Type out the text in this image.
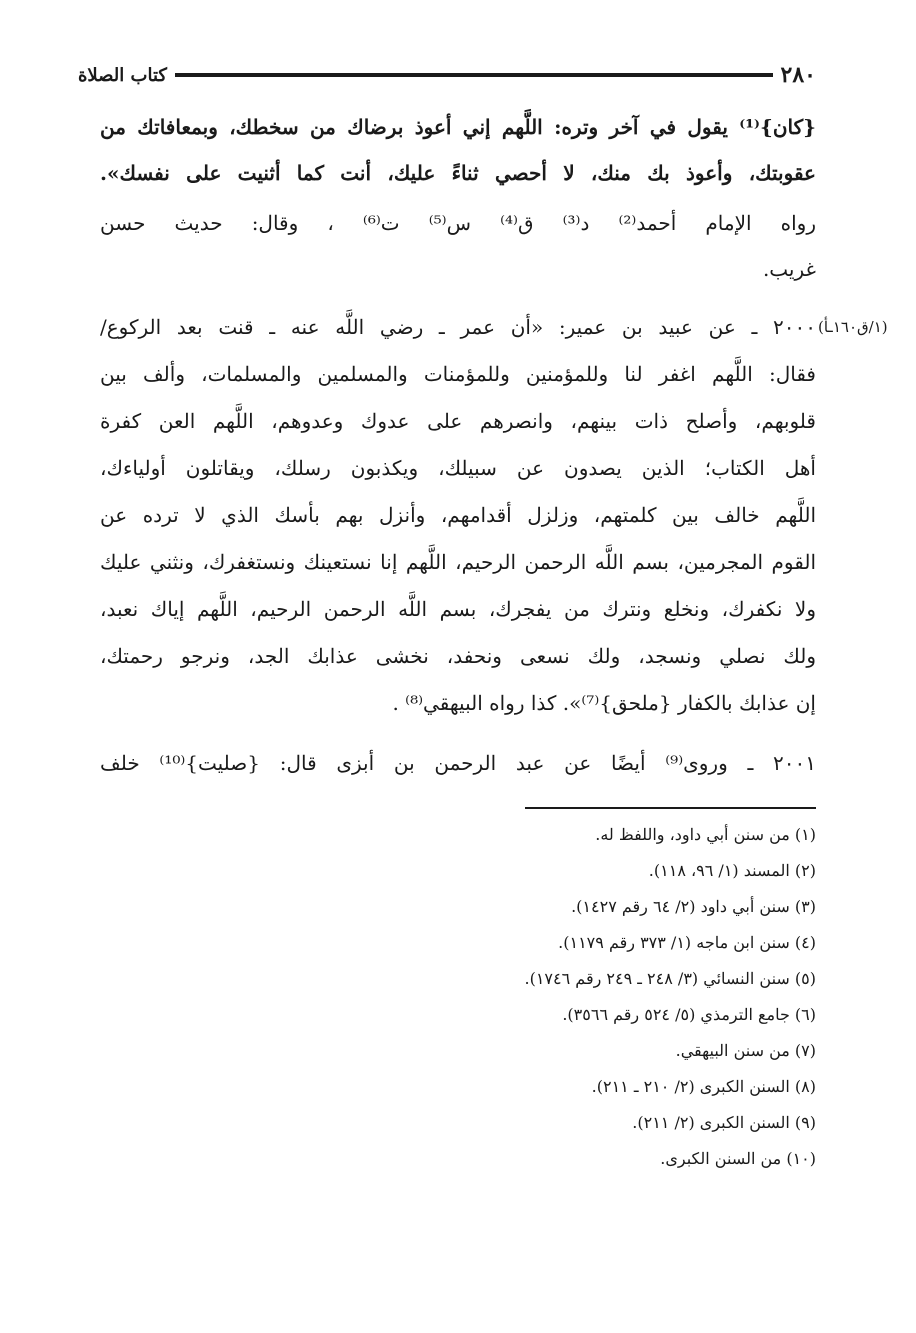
٢٨٠
كتاب الصلاة
(١/ق١٦٠ـأ)
{كان}⁽¹⁾ يقول في آخر وتره: اللَّهم إني أعوذ برضاك من سخطك، وبمعافاتك من
عقوبتك، وأعوذ بك منك، لا أحصي ثناءً عليك، أنت كما أثنيت على نفسك».
رواه الإمام أحمد⁽²⁾ د⁽³⁾ ق⁽⁴⁾ س⁽⁵⁾ ت⁽⁶⁾ ، وقال: حديث حسن
غريب.
٢٠٠٠ ـ عن عبيد بن عمير: «أن عمر ـ رضي اللَّه عنه ـ قنت بعد الركوع/
فقال: اللَّهم اغفر لنا وللمؤمنين وللمؤمنات والمسلمين والمسلمات، وألف بين
قلوبهم، وأصلح ذات بينهم، وانصرهم على عدوك وعدوهم، اللَّهم العن كفرة
أهل الكتاب؛ الذين يصدون عن سبيلك، ويكذبون رسلك، ويقاتلون أولياءك،
اللَّهم خالف بين كلمتهم، وزلزل أقدامهم، وأنزل بهم بأسك الذي لا ترده عن
القوم المجرمين، بسم اللَّه الرحمن الرحيم، اللَّهم إنا نستعينك ونستغفرك، ونثني عليك
ولا نكفرك، ونخلع ونترك من يفجرك، بسم اللَّه الرحمن الرحيم، اللَّهم إياك نعبد،
ولك نصلي ونسجد، ولك نسعى ونحفد، نخشى عذابك الجد، ونرجو رحمتك،
إن عذابك بالكفار {ملحق}⁽⁷⁾». كذا رواه البيهقي⁽⁸⁾ .
٢٠٠١ ـ وروى⁽⁹⁾ أيضًا عن عبد الرحمن بن أبزى قال: {صليت}⁽¹⁰⁾ خلف
(١) من سنن أبي داود، واللفظ له.
(٢) المسند (١/ ٩٦، ١١٨).
(٣) سنن أبي داود (٢/ ٦٤ رقم ١٤٢٧).
(٤) سنن ابن ماجه (١/ ٣٧٣ رقم ١١٧٩).
(٥) سنن النسائي (٣/ ٢٤٨ ـ ٢٤٩ رقم ١٧٤٦).
(٦) جامع الترمذي (٥/ ٥٢٤ رقم ٣٥٦٦).
(٧) من سنن البيهقي.
(٨) السنن الكبرى (٢/ ٢١٠ ـ ٢١١).
(٩) السنن الكبرى (٢/ ٢١١).
(١٠) من السنن الكبرى.
